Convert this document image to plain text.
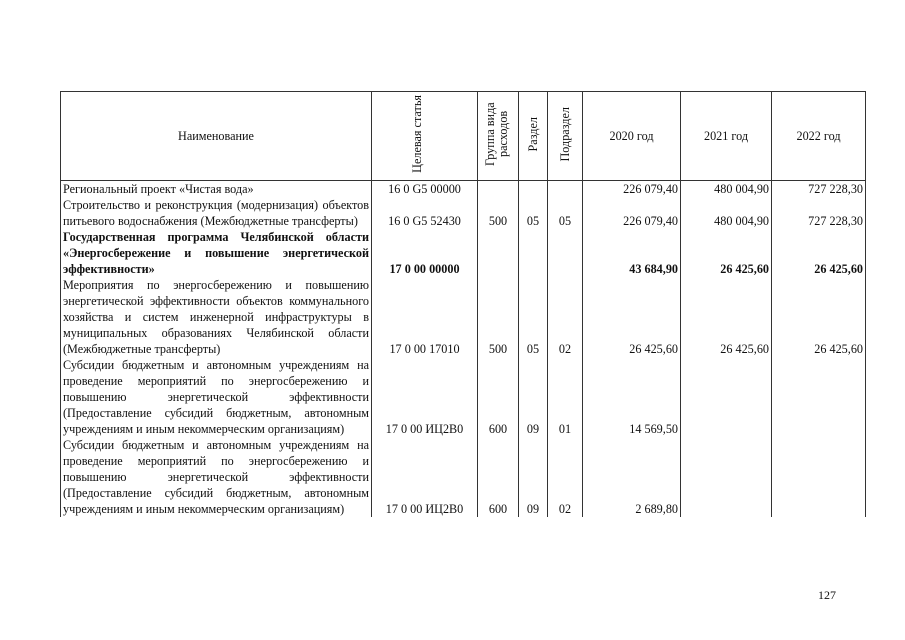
Наименование	Целевая статья	Группа вида расходов	Раздел	Подраздел	2020 год	2021 год	2022 год
Региональный проект «Чистая вода»	16 0 G5 00000				226 079,40	480 004,90	727 228,30
Строительство и реконструкция (модернизация) объектов питьевого водоснабжения (Межбюджетные трансферты)	16 0 G5 52430	500	05	05	226 079,40	480 004,90	727 228,30
Государственная программа Челябинской области «Энергосбережение и повышение энергетической эффективности»	17 0 00 00000				43 684,90	26 425,60	26 425,60
Мероприятия по энергосбережению и повышению энергетической эффективности объектов коммунального хозяйства и систем инженерной инфраструктуры в муниципальных образованиях Челябинской области (Межбюджетные трансферты)	17 0 00 17010	500	05	02	26 425,60	26 425,60	26 425,60
Субсидии бюджетным и автономным учреждениям на проведение мероприятий по энергосбережению и повышению энергетической эффективности (Предоставление субсидий бюджетным, автономным учреждениям и иным некоммерческим организациям)	17 0 00 ИЦ2В0	600	09	01	14 569,50		
Субсидии бюджетным и автономным учреждениям на проведение мероприятий по энергосбережению и повышению энергетической эффективности (Предоставление субсидий бюджетным, автономным учреждениям и иным некоммерческим организациям)	17 0 00 ИЦ2В0	600	09	02	2 689,80		
127
